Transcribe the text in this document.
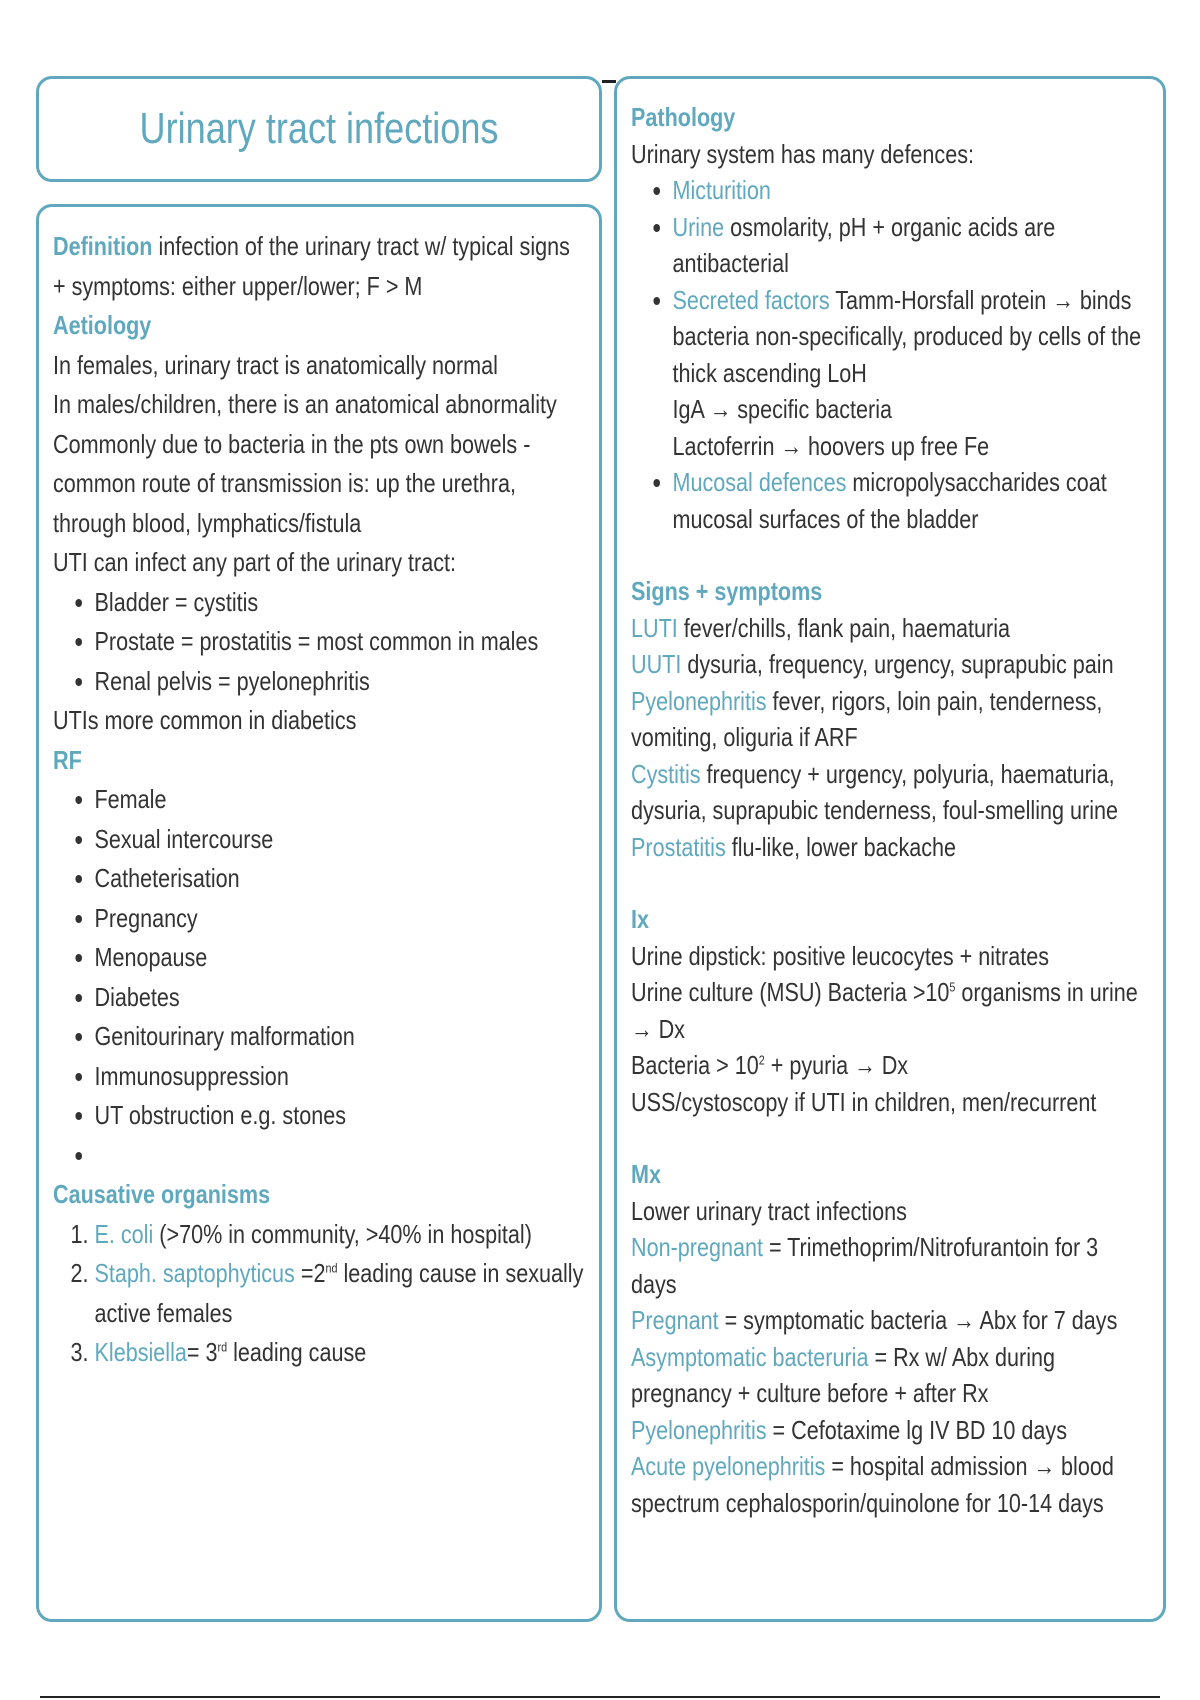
Urinary tract infections

Definition infection of the urinary tract w/ typical signs + symptoms: either upper/lower; F > M

Aetiology

In females, urinary tract is anatomically normal

In males/children, there is an anatomical abnormality

Commonly due to bacteria in the pts own bowels - common route of transmission is: up the urethra, through blood, lymphatics/fistula

UTI can infect any part of the urinary tract:

• Bladder = cystitis
• Prostate = prostatitis = most common in males
• Renal pelvis = pyelonephritis

UTIs more common in diabetics

RF

• Female
• Sexual intercourse
• Catheterisation
• Pregnancy
• Menopause
• Diabetes
• Genitourinary malformation
• Immunosuppression
• UT obstruction e.g. stones
•

Causative organisms

1. E. coli (>70% in community, >40% in hospital)
2. Staph. saptophyticus =2nd leading cause in sexually active females
3. Klebsiella= 3rd leading cause

Pathology

Urinary system has many defences:

• Micturition
• Urine osmolarity, pH + organic acids are antibacterial
• Secreted factors Tamm-Horsfall protein → binds bacteria non-specifically, produced by cells of the thick ascending LoH
IgA → specific bacteria
Lactoferrin → hoovers up free Fe
• Mucosal defences micropolysaccharides coat mucosal surfaces of the bladder

Signs + symptoms

LUTI fever/chills, flank pain, haematuria

UUTI dysuria, frequency, urgency, suprapubic pain

Pyelonephritis fever, rigors, loin pain, tenderness, vomiting, oliguria if ARF

Cystitis frequency + urgency, polyuria, haematuria, dysuria, suprapubic tenderness, foul-smelling urine

Prostatitis flu-like, lower backache

Ix

Urine dipstick: positive leucocytes + nitrates

Urine culture (MSU) Bacteria $>10^5$ organisms in urine → Dx

Bacteria > $10^2$ + pyuria → Dx

USS/cystoscopy if UTI in children, men/recurrent

Mx

Lower urinary tract infections

Non-pregnant = Trimethoprim/Nitrofurantoin for 3 days

Pregnant = symptomatic bacteria → Abx for 7 days

Asymptomatic bacteruria = Rx w/ Abx during pregnancy + culture before + after Rx

Pyelonephritis = Cefotaxime lg IV BD 10 days

Acute pyelonephritis = hospital admission → blood spectrum cephalosporin/quinolone for 10-14 days
